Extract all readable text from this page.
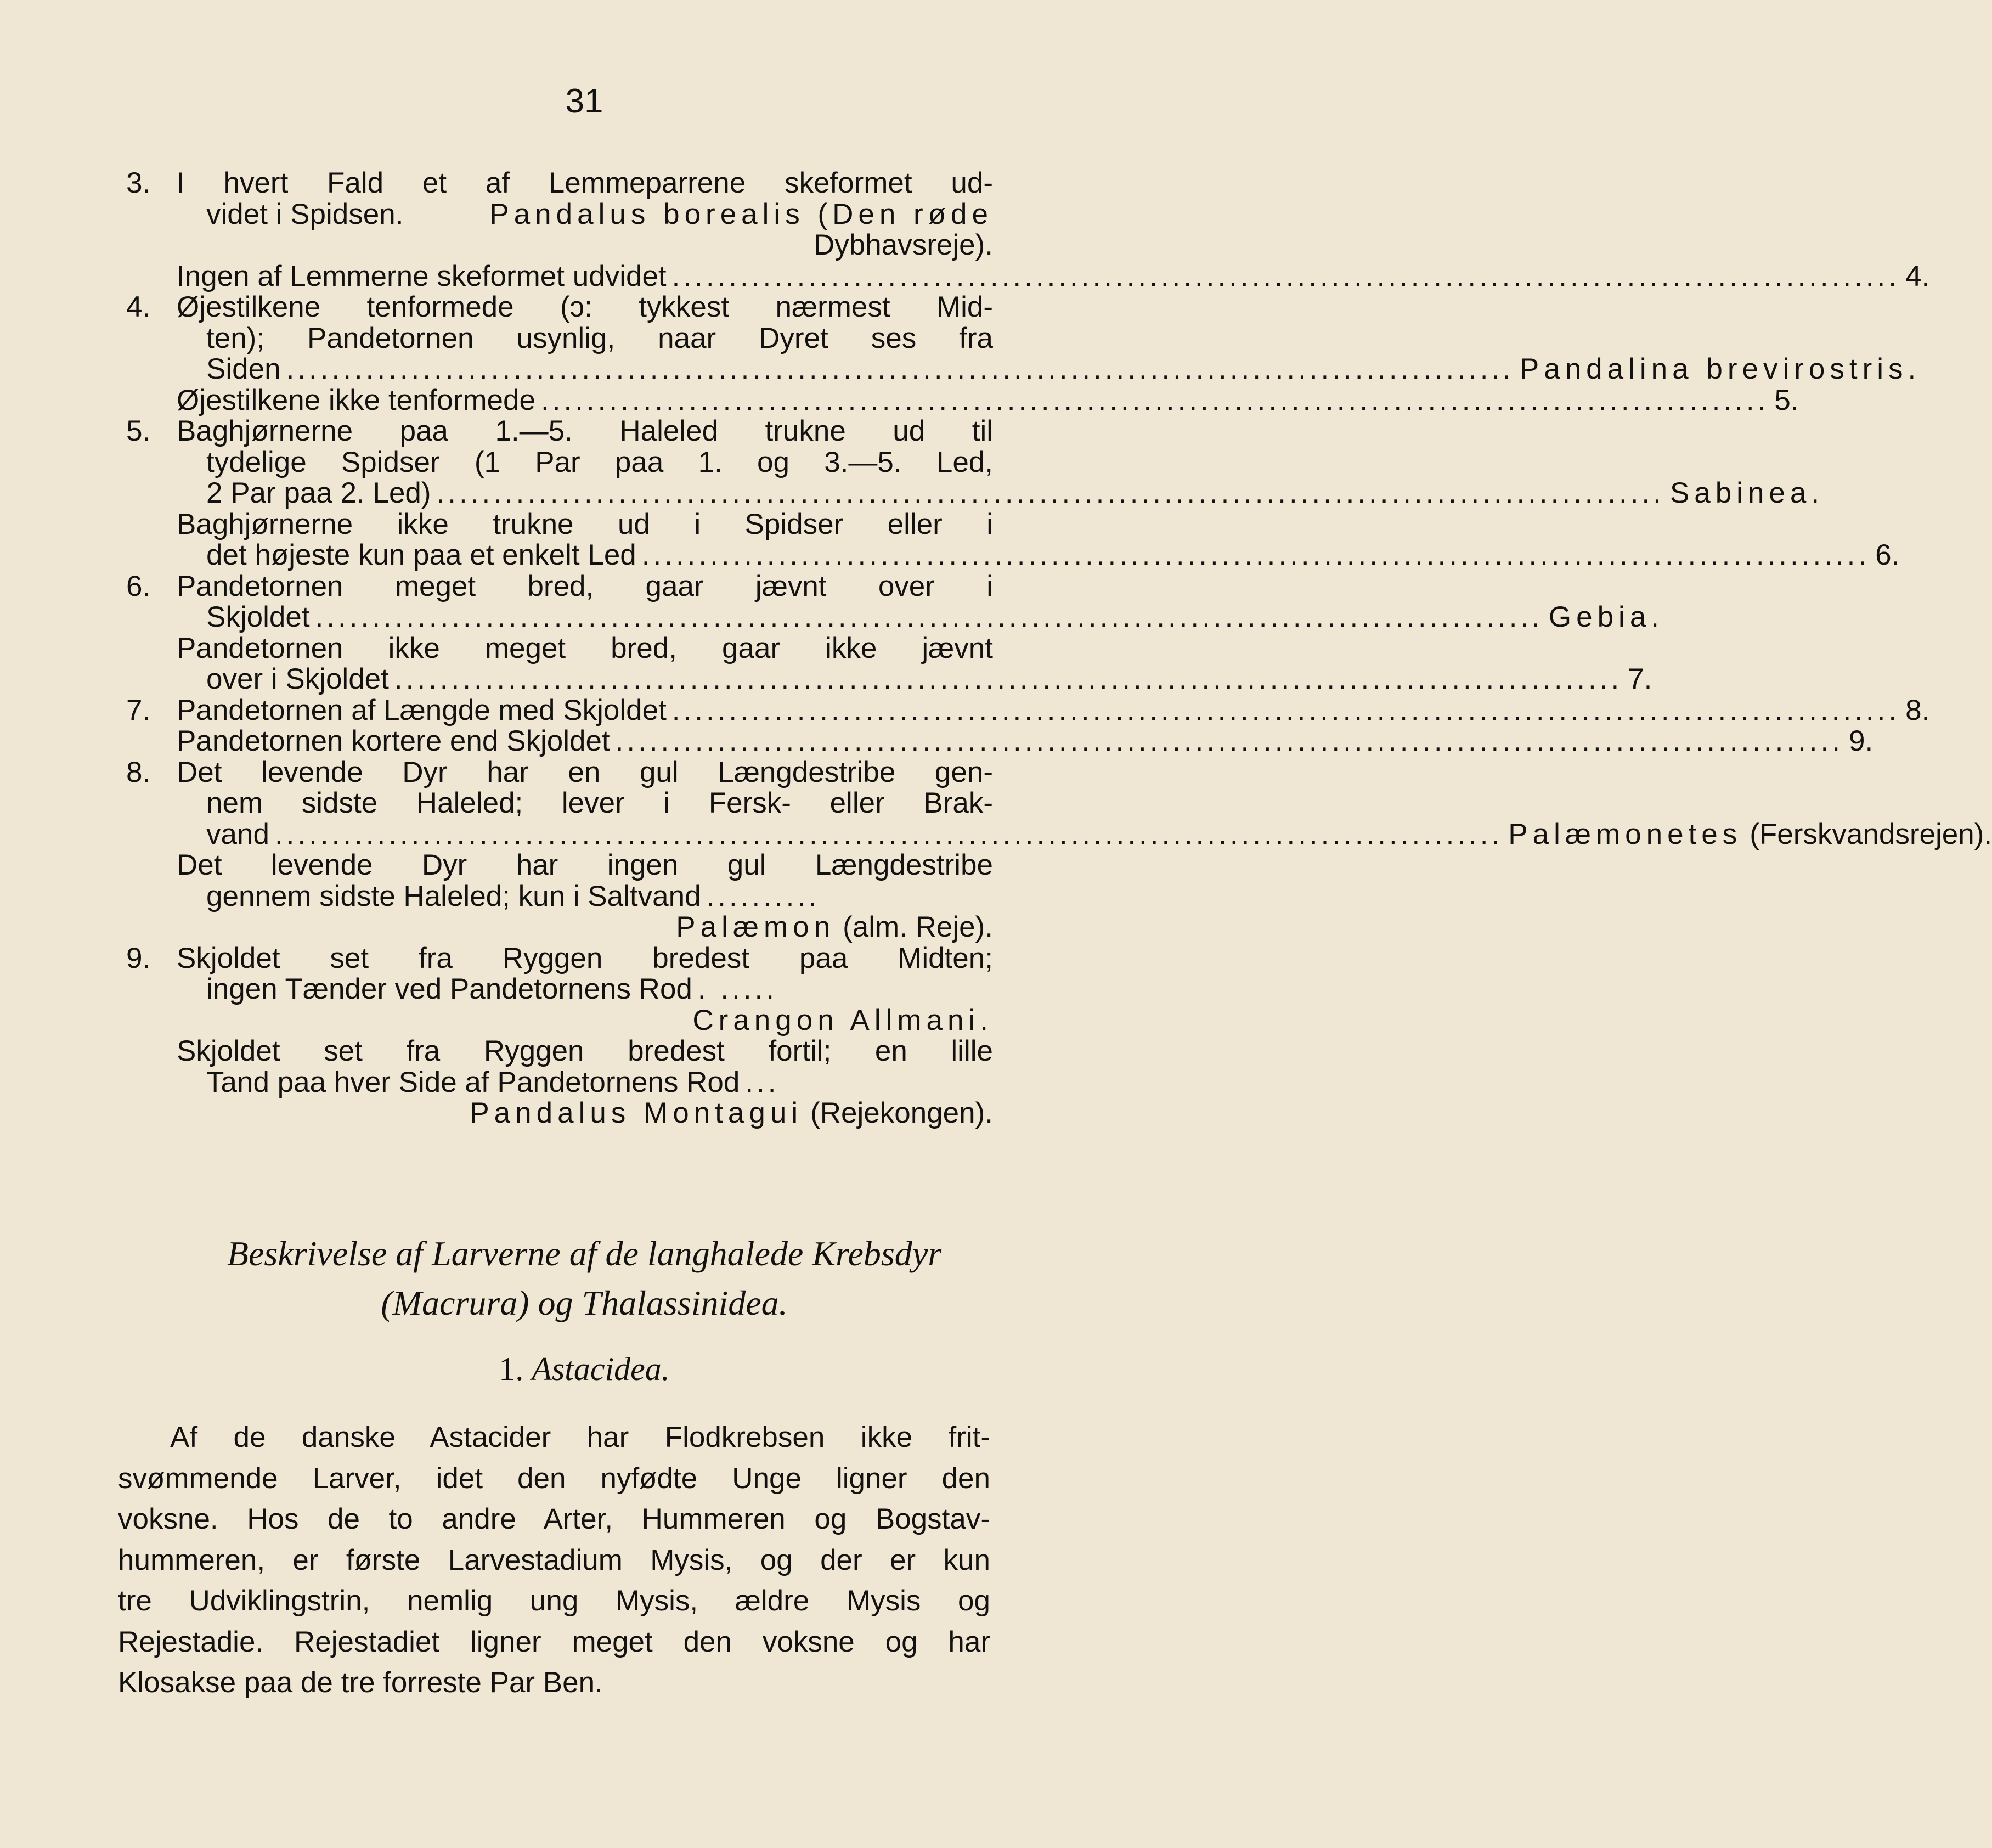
31
3. I hvert Fald et af Lemmeparrene skeformet ud-
videt i Spidsen.	Pandalus borealis (Den røde
Dybhavsreje).
Ingen af Lemmerne skeformet udvidet ............................................................................................................ 4.
4. Øjestilkene tenformede (ɔ: tykkest nærmest Mid-
ten); Pandetornen usynlig, naar Dyret ses fra
Siden ............................................................................................................ Pandalina brevirostris.
Øjestilkene ikke tenformede ............................................................................................................ 5.
5. Baghjørnerne paa 1.—5. Haleled trukne ud til
tydelige Spidser (1 Par paa 1. og 3.—5. Led,
2 Par paa 2. Led) ............................................................................................................ Sabinea.
Baghjørnerne ikke trukne ud i Spidser eller i
det højeste kun paa et enkelt Led ............................................................................................................ 6.
6. Pandetornen meget bred, gaar jævnt over i
Skjoldet ............................................................................................................ Gebia.
Pandetornen ikke meget bred, gaar ikke jævnt
over i Skjoldet ............................................................................................................ 7.
7. Pandetornen af Længde med Skjoldet ............................................................................................................ 8.
Pandetornen kortere end Skjoldet ............................................................................................................ 9.
8. Det levende Dyr har en gul Længdestribe gen-
nem sidste Haleled; lever i Fersk- eller Brak-
vand ............................................................................................................ Palæmonetes (Ferskvandsrejen).
Det levende Dyr har ingen gul Længdestribe
gennem sidste Haleled; kun i Saltvand ..........
Palæmon (alm. Reje).
9. Skjoldet set fra Ryggen bredest paa Midten;
ingen Tænder ved Pandetornens Rod . .....
Crangon Allmani.
Skjoldet set fra Ryggen bredest fortil; en lille
Tand paa hver Side af Pandetornens Rod ...
Pandalus Montagui (Rejekongen).
Beskrivelse af Larverne af de langhalede Krebsdyr
(Macrura) og Thalassinidea.
1. Astacidea.
Af de danske Astacider har Flodkrebsen ikke frit-
svømmende Larver, idet den nyfødte Unge ligner den
voksne. Hos de to andre Arter, Hummeren og Bogstav-
hummeren, er første Larvestadium Mysis, og der er kun
tre Udviklingstrin, nemlig ung Mysis, ældre Mysis og
Rejestadie. Rejestadiet ligner meget den voksne og har
Klosakse paa de tre forreste Par Ben.
